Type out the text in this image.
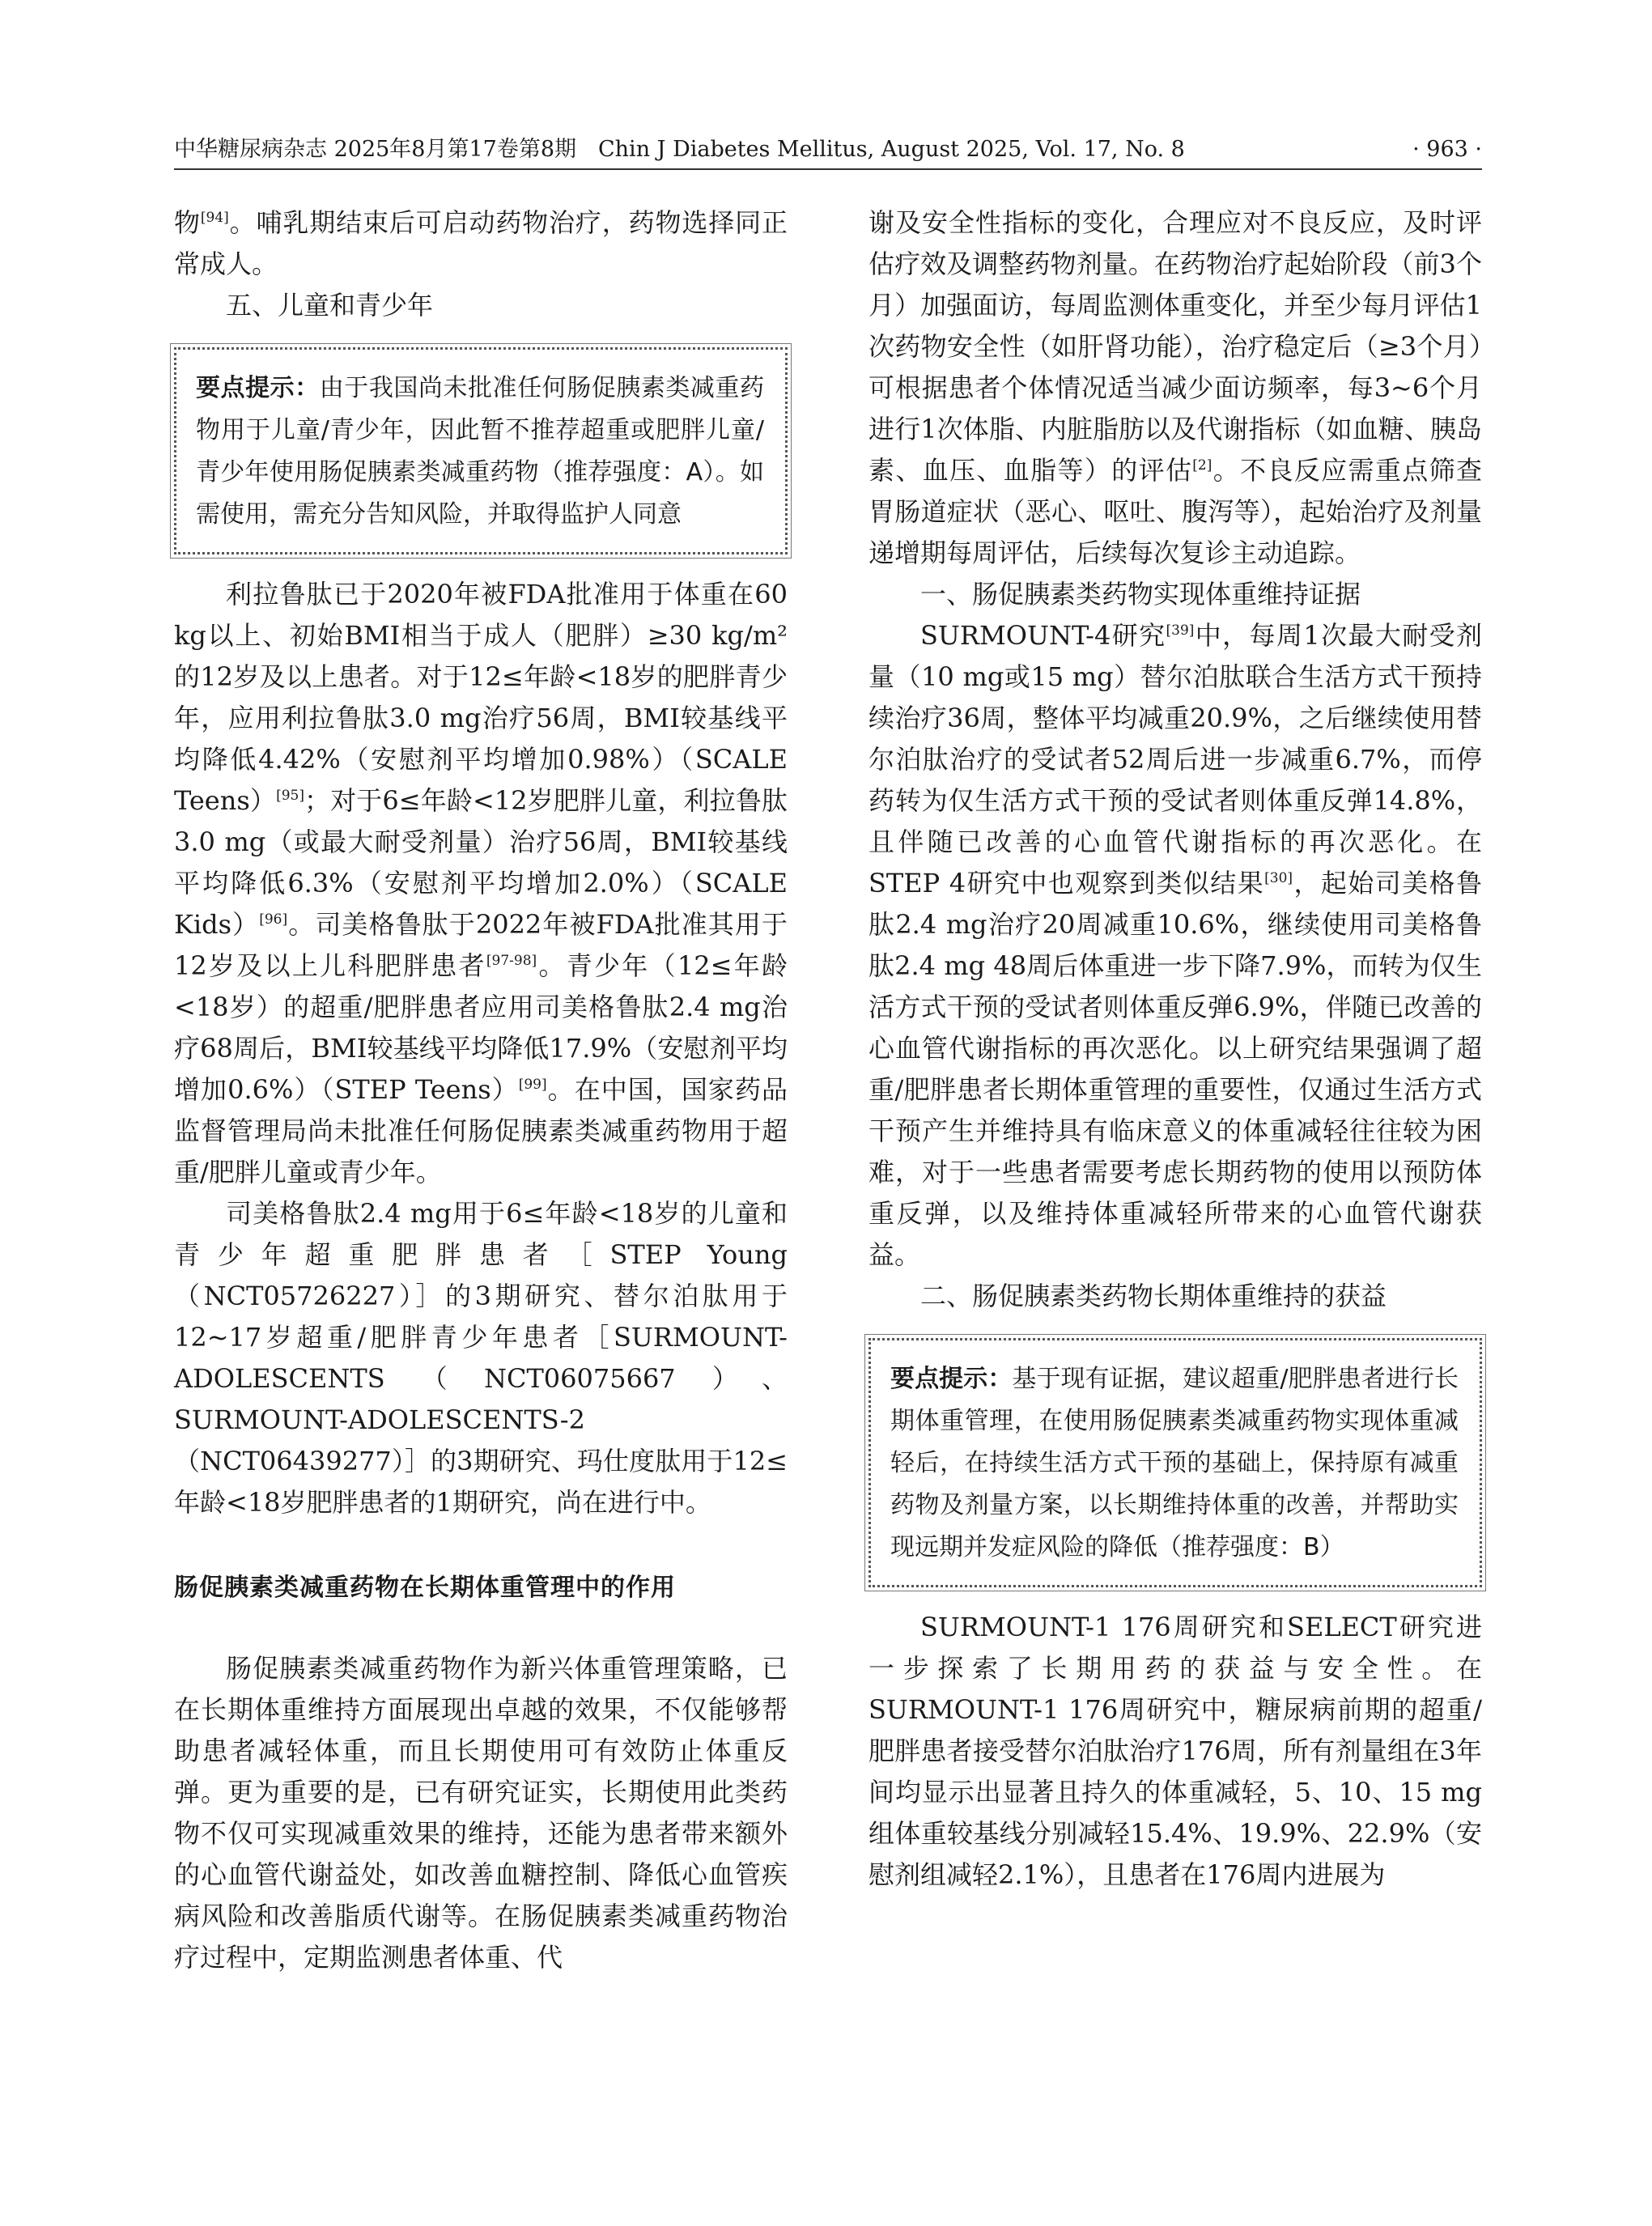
中华糖尿病杂志 2025年8月第17卷第8期　Chin J Diabetes Mellitus, August 2025, Vol. 17, No. 8	· 963 ·

物[94]。哺乳期结束后可启动药物治疗，药物选择同正常成人。

五、儿童和青少年

要点提示：由于我国尚未批准任何肠促胰素类减重药物用于儿童/青少年，因此暂不推荐超重或肥胖儿童/青少年使用肠促胰素类减重药物（推荐强度：A）。如需使用，需充分告知风险，并取得监护人同意

利拉鲁肽已于2020年被FDA批准用于体重在60 kg以上、初始BMI相当于成人（肥胖）≥30 kg/m²的12岁及以上患者。对于12≤年龄<18岁的肥胖青少年，应用利拉鲁肽3.0 mg治疗56周，BMI较基线平均降低4.42%（安慰剂平均增加0.98%）（SCALE Teens）[95]；对于6≤年龄<12岁肥胖儿童，利拉鲁肽3.0 mg（或最大耐受剂量）治疗56周，BMI较基线平均降低6.3%（安慰剂平均增加2.0%）（SCALE Kids）[96]。司美格鲁肽于2022年被FDA批准其用于12岁及以上儿科肥胖患者[97-98]。青少年（12≤年龄<18岁）的超重/肥胖患者应用司美格鲁肽2.4 mg治疗68周后，BMI较基线平均降低17.9%（安慰剂平均增加0.6%）（STEP Teens）[99]。在中国，国家药品监督管理局尚未批准任何肠促胰素类减重药物用于超重/肥胖儿童或青少年。

司美格鲁肽2.4 mg用于6≤年龄<18岁的儿童和青少年超重肥胖患者［STEP Young（NCT05726227）］的3期研究、替尔泊肽用于12~17岁超重/肥胖青少年患者［SURMOUNT-ADOLESCENTS（NCT06075667）、SURMOUNT-ADOLESCENTS-2（NCT06439277）］的3期研究、玛仕度肽用于12≤年龄<18岁肥胖患者的1期研究，尚在进行中。

肠促胰素类减重药物在长期体重管理中的作用

肠促胰素类减重药物作为新兴体重管理策略，已在长期体重维持方面展现出卓越的效果，不仅能够帮助患者减轻体重，而且长期使用可有效防止体重反弹。更为重要的是，已有研究证实，长期使用此类药物不仅可实现减重效果的维持，还能为患者带来额外的心血管代谢益处，如改善血糖控制、降低心血管疾病风险和改善脂质代谢等。在肠促胰素类减重药物治疗过程中，定期监测患者体重、代

谢及安全性指标的变化，合理应对不良反应，及时评估疗效及调整药物剂量。在药物治疗起始阶段（前3个月）加强面访，每周监测体重变化，并至少每月评估1次药物安全性（如肝肾功能），治疗稳定后（≥3个月）可根据患者个体情况适当减少面访频率，每3~6个月进行1次体脂、内脏脂肪以及代谢指标（如血糖、胰岛素、血压、血脂等）的评估[2]。不良反应需重点筛查胃肠道症状（恶心、呕吐、腹泻等），起始治疗及剂量递增期每周评估，后续每次复诊主动追踪。

一、肠促胰素类药物实现体重维持证据

SURMOUNT-4研究[39]中，每周1次最大耐受剂量（10 mg或15 mg）替尔泊肽联合生活方式干预持续治疗36周，整体平均减重20.9%，之后继续使用替尔泊肽治疗的受试者52周后进一步减重6.7%，而停药转为仅生活方式干预的受试者则体重反弹14.8%，且伴随已改善的心血管代谢指标的再次恶化。在STEP 4研究中也观察到类似结果[30]，起始司美格鲁肽2.4 mg治疗20周减重10.6%，继续使用司美格鲁肽2.4 mg 48周后体重进一步下降7.9%，而转为仅生活方式干预的受试者则体重反弹6.9%，伴随已改善的心血管代谢指标的再次恶化。以上研究结果强调了超重/肥胖患者长期体重管理的重要性，仅通过生活方式干预产生并维持具有临床意义的体重减轻往往较为困难，对于一些患者需要考虑长期药物的使用以预防体重反弹，以及维持体重减轻所带来的心血管代谢获益。

二、肠促胰素类药物长期体重维持的获益

要点提示：基于现有证据，建议超重/肥胖患者进行长期体重管理，在使用肠促胰素类减重药物实现体重减轻后，在持续生活方式干预的基础上，保持原有减重药物及剂量方案，以长期维持体重的改善，并帮助实现远期并发症风险的降低（推荐强度：B）

SURMOUNT-1 176周研究和SELECT研究进一步探索了长期用药的获益与安全性。在SURMOUNT-1 176周研究中，糖尿病前期的超重/肥胖患者接受替尔泊肽治疗176周，所有剂量组在3年间均显示出显著且持久的体重减轻，5、10、15 mg组体重较基线分别减轻15.4%、19.9%、22.9%（安慰剂组减轻2.1%），且患者在176周内进展为
